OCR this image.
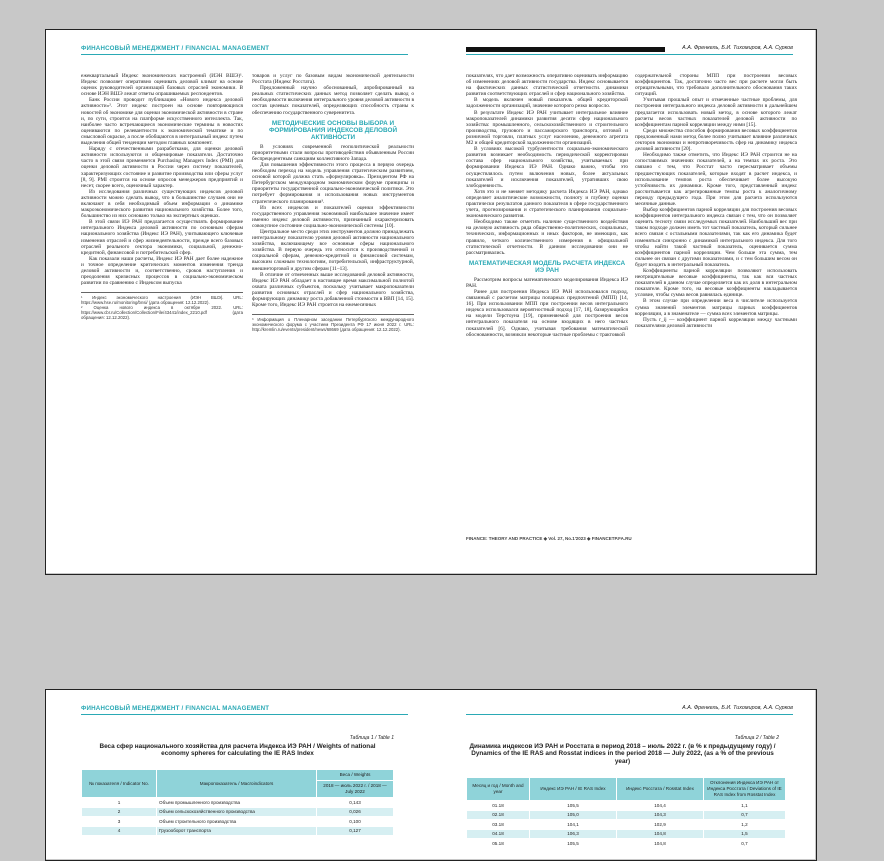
ФИНАНСОВЫЙ МЕНЕДЖМЕНТ / FINANCIAL MANAGEMENT

ежеквартальный Индекс экономических настроений (ИЭН ВШЭ)¹. Индекс позволяет оперативно оценивать деловой климат на основе оценок руководителей организаций базовых отраслей экономики. В основе ИЭН ВШЭ лежат ответы опрашиваемых респондентов.

Банк России проводит публикацию «Нового индекса деловой активности»². Этот индекс построен на основе повторяющихся новостей об экономике для оценки экономической активности в стране и, по сути, строится на платформе искусственного интеллекта. Так, наиболее часто встречающиеся экономические термины в новостях оцениваются по релевантности к экономической тематике и по смысловой окраске, а после обобщаются в интегральный индекс путем выделения общей тенденции методом главных компонент.

Наряду с отечественными разработками, для оценки деловой активности используются и общемировые показатели. Достаточно часто в этой связи применяется Purchasing Managers Index (PMI) для оценки деловой активности в России через систему показателей, характеризующих состояние и развитие производства или сферы услуг [8, 9]. PMI строится на основе опросов менеджеров предприятий и несет, скорее всего, оценочный характер.

Из исследования различных существующих индексов деловой активности можно сделать вывод, что в большинстве случаев они не включают в себя необходимый объем информации о динамике макроэкономического развития национального хозяйства. Более того, большинство из них основано только на экспертных оценках.

В этой связи ИЭ РАН предлагается осуществлять формирование интегрального Индекса деловой активности по основным сферам национального хозяйства (Индекс ИЭ РАН), учитывающего ключевые изменения отраслей и сфер жизнедеятельности, прежде всего базовых отраслей реального сектора экономики, социальной, денежно-кредитной, финансовой и потребительской сфер.

Как показали наши расчеты, Индекс ИЭ РАН дает более надежное и точное определение критических моментов изменения тренда деловой активности и, соответственно, сроков наступления и преодоления кризисных процессов в социально-экономическом развитии по сравнению с Индексом выпуска

¹ Индекс экономического настроения (ИЭН ВШЭ). URL: https://www.hse.ru/monitoring/bnsi/ (дата обращения: 12.12.2022).
² Оценка нового индекса в октябре 2022. URL: https://www.cbr.ru/Collection/Collection/File/43441/index_2210.pdf (дата обращения: 12.12.2022).

товаров и услуг по базовым видам экономической деятельности Росстата (Индекс Росстата).

Предложенный научно обоснованный, апробированный на реальных статистических данных метод позволяет сделать вывод о необходимости включения интегрального уровня деловой активности в состав целевых показателей, определяющих способность страны к обеспечению государственного суверенитета.

МЕТОДИЧЕСКИЕ ОСНОВЫ ВЫБОРА И ФОРМИРОВАНИЯ ИНДЕКСОВ ДЕЛОВОЙ АКТИВНОСТИ

В условиях современной геополитической реальности приоритетными стали вопросы противодействия объявленным России беспрецедентным санкциям коллективного Запада.

Для повышения эффективности этого процесса в первую очередь необходим переход на модель управления стратегическим развитием, основой которой должна стать «формулировка». Президентом РФ на Петербургском международном экономическом форуме принципы и приоритеты государственной социально-экономической политики. Это потребует формирования и использования новых инструментов стратегического планирования³.

Из всех индексов и показателей оценки эффективности государственного управления экономикой наибольшее значение имеет именно индекс деловой активности, признанный охарактеризовать совокупное состояние социально-экономической системы [10].

Центральное место среди этих инструментов должно принадлежать интегральному показателю уровня деловой активности национального хозяйства, включающему все основные сферы национального хозяйства. В первую очередь это относится к производственной и социальной сферам, денежно-кредитной и финансовой системам, высоким сложным технологиям, потребительской, инфраструктурной, внешнеторговой и другим сферам [11–13].

В отличие от отмеченных выше исследований деловой активности, Индекс ИЭ РАН обладает в настоящее время максимальной полнотой охвата различных субъектов, поскольку учитывает макропоказатели развития основных отраслей и сфер национального хозяйства, формирующих динамику роста добавленной стоимости в ВВП [14, 15]. Кроме того, Индекс ИЭ РАН строится на ежемесячных

³ Информация о Пленарном заседании Петербургского международного экономического форума с участием Президента РФ 17 июня 2022 г. URL: http://kremlin.ru/events/president/news/68669 (дата обращения: 12.12.2022).
А.А. Френкель, Б.И. Тихомиров, А.А. Сурков

показателях, что дает возможность оперативно оценивать информацию об изменениях деловой активности государства. Индекс основывается на фактических данных статистической отчетности. динамики развития соответствующих отраслей и сфер национального хозяйства.

В модель включен новый показатель общей кредиторской задолженности организаций, значение которого резко возросло.

В результате Индекс ИЭ РАН учитывает интегральное влияние макропоказателей динамики развития десяти сфер национального хозяйства: промышленного, сельскохозяйственного и строительного производства, грузового и пассажирского транспорта, оптовой и розничной торговли, платных услуг населению, денежного агрегата M2 и общей кредиторской задолженности организаций.

В условиях высокой турбулентности социально-экономического развития возникает необходимость периодической корректировки состава сфер национального хозяйства, учитываемых при формировании Индекса ИЭ РАН. Однако важно, чтобы это осуществлялось путем включения новых, более актуальных показателей и исключения показателей, утративших свою злободневность.

Хотя это и не меняет методику расчета Индекса ИЭ РАН, однако определяет аналитические возможности, полноту и глубину оценки практически результатов данного показателя в сфере государственного учета, прогнозирования и стратегического планирования социально-экономического развития.

Необходимо также отметить наличие существенного воздействия на деловую активность ряда общественно-политических, социальных, технических, информационных и иных факторов, не имеющих, как правило, четкого количественного измерения в официальной статистической отчетности. В данном исследовании они не рассматривались.

МАТЕМАТИЧЕСКАЯ МОДЕЛЬ РАСЧЕТА ИНДЕКСА ИЭ РАН

Рассмотрим вопросы математического моделирования Индекса ИЭ РАН.

Ранее для построения Индекса ИЭ РАН использовался подход, связанный с расчетом матрицы попарных предпочтений (МПП) [14, 16]. При использовании МПП при построении весов интегрального индекса использовался вероятностный подход [17, 18], базирующийся на модели Терстоуна [19], применяемой для построения весов интегрального показателя на основе входящих в него частных показателей [6]. Однако, учитывая требования математической обоснованности, возникли некоторые частные проблемы с трактовкой

содержательной стороны МПП при построении весовых коэффициентов. Так, достаточно часто вес при расчете могли быть отрицательными, что требовало дополнительного обоснования таких ситуаций.

Учитывая прошлый опыт и отмеченные частные проблемы, для построения интегрального индекса деловой активности в дальнейшем предлагается использовать новый метод, в основе которого лежат расчеты весов частных показателей деловой активности по коэффициентам парной корреляции между ними [15].

Среди множества способов формирования весовых коэффициентов предложенный нами метод более полно учитывает влияние различных секторов экономики и непротиворечивость сфер на динамику индекса деловой активности [20].

Необходимо также отметить, что Индекс ИЭ РАН строится не на сопоставимых значениях показателей, а на темпах их роста. Это связано с тем, что Росстат часто пересматривает объемы предшествующих показателей, которые входят в расчет индекса, и использование темпов роста обеспечивает более высокую устойчивость их динамики. Кроме того, представленный индекс рассчитывается как агрегированные темпы роста к аналогичному периоду предыдущего года. При этом для расчета используются месячные данные.

Выбор коэффициентов парной корреляции для построения весовых коэффициентов интегрального индекса связан с тем, что он позволяет оценить тесноту связи исследуемых показателей. Наибольший вес при таком подходе должен иметь тот частный показатель, который сильнее всего связан с остальными показателями, так как его динамика будет изменяться синхронно с динамикой интегрального индекса. Для того чтобы найти такой частный показатель, оценивается сумма коэффициентов парной корреляции. Чем больше эта сумма, тем сильнее он связан с другими показателями, и с тем большим весом он будет входить в интегральный показатель.

Коэффициенты парной корреляции позволяют использовать неотрицательные весовые коэффициенты, так как вся частных показателей в данном случае определяется как их доля в интегральном показателе. Кроме того, на весовые коэффициенты накладывается условие, чтобы сумма весов равнялась единице.

В этом случае при определении веса в числителе используется сумма значений элементов матрицы парных коэффициентов корреляции, а в знаменателе — сумма всех элементов матрицы.

Пусть r_ij — коэффициент парной корреляции между частными показателями деловой активности

FINANCE: THEORY AND PRACTICE ◆ Vol. 27, No.1'2023 ◆ FINANCETP.FA.RU
ФИНАНСОВЫЙ МЕНЕДЖМЕНТ / FINANCIAL MANAGEMENT
Таблица 1 / Table 1
Веса сфер национального хозяйства для расчета Индекса ИЭ РАН / Weights of national economy spheres for calculating the IE RAS Index
№ показателя / Indicator No.	Макропоказатель / Macroindicators	Веса / Weights
		2018 — июль 2022 г. / 2018 — July 2022
1	Объем промышленного производства	0,143
2	Объем сельскохозяйственного производства	0,026
3	Объем строительного производства	0,100
4	Грузооборот транспорта	0,127
А.А. Френкель, Б.И. Тихомиров, А.А. Сурков
Таблица 2 / Table 2
Динамика индексов ИЭ РАН и Росстата в период 2018 – июль 2022 г. (в % к предыдущему году) / Dynamics of the IE RAS and Rosstat indices in the period 2018 — July 2022, (as a % of the previous year)
Месяц и год / Month and year	Индекс ИЭ РАН / IE RAS Index	Индекс Росстата / Rosstat Index	Отклонения Индекса ИЭ РАН от Индекса Росстата / Deviations of IE RAS Index from Rosstat Index
01.18	105,5	104,4	1,1
02.18	105,0	104,3	0,7
03.18	104,1	102,9	1,2
04.18	106,3	104,8	1,5
05.18	105,5	104,8	0,7
